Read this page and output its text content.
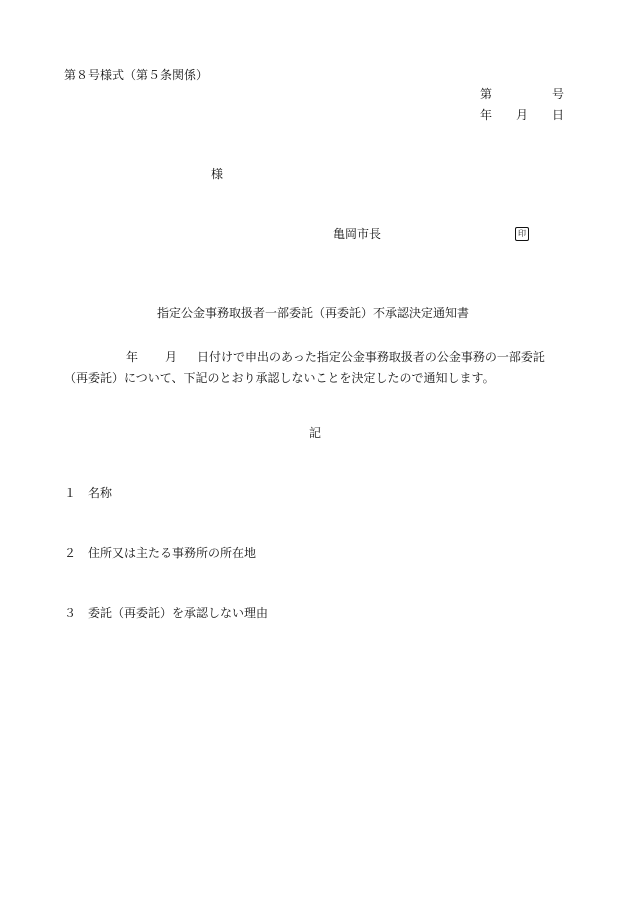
第８号様式（第５条関係）
第	号
年 月 日
様
亀岡市長	印
指定公金事務取扱者一部委託（再委託）不承認決定通知書
年 月 日付けで申出のあった指定公金事務取扱者の公金事務の一部委託
（再委託）について、下記のとおり承認しないことを決定したので通知します。
記
１ 名称
２ 住所又は主たる事務所の所在地
３ 委託（再委託）を承認しない理由
